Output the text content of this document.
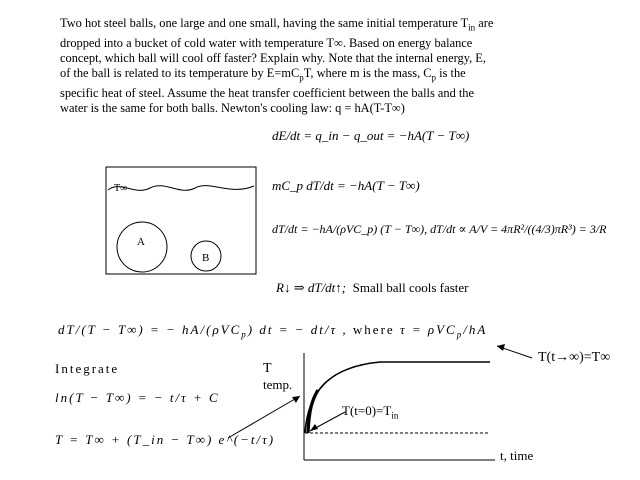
Two hot steel balls, one large and one small, having the same initial temperature $T_{in}$ are
dropped into a bucket of cold water with temperature T∞. Based on energy balance
concept, which ball will cool off faster? Explain why. Note that the internal energy, E,
of the ball is related to its temperature by $E=mC_pT$, where m is the mass, $C_p$ is the
specific heat of steel. Assume the heat transfer coefficient between the balls and the
water is the same for both balls. Newton's cooling law: q = hA(T-T∞)
T∞
A
B
dE/dt = q_in − q_out = −hA(T − T∞)
mC_p dT/dt = −hA(T − T∞)
dT/dt = −hA/(ρVC_p) (T − T∞), dT/dt ∝ A/V = 4πR²/((4/3)πR³) = 3/R
R↓ ⇒ dT/dt↑; Small ball cools faster
dT/(T − T∞) = − hA/(ρVC$_p$) dt = − dt/τ , where τ = ρVC$_p$/hA
Integrate
ln(T − T∞) = − t/τ + C
T = T∞ + (T_in − T∞) e^(−t/τ)
T
temp.
T(t→∞)=T∞
$T(t=0)=T_{in}$
t, time
